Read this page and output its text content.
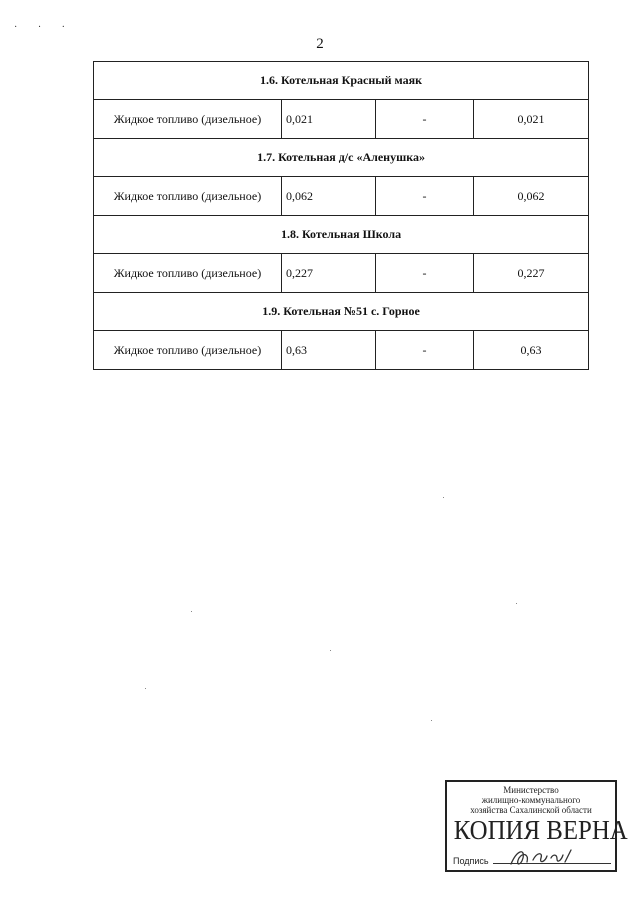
· · ·
2
1.6. Котельная Красный маяк			
Жидкое топливо (дизельное)	0,021	-	0,021
1.7. Котельная д/с «Аленушка»			
Жидкое топливо (дизельное)	0,062	-	0,062
1.8. Котельная Школа			
Жидкое топливо (дизельное)	0,227	-	0,227
1.9. Котельная №51 с. Горное			
Жидкое топливо (дизельное)	0,63	-	0,63
Министерство
жилищно-коммунального
хозяйства Сахалинской области
КОПИЯ ВЕРНА
Подпись
